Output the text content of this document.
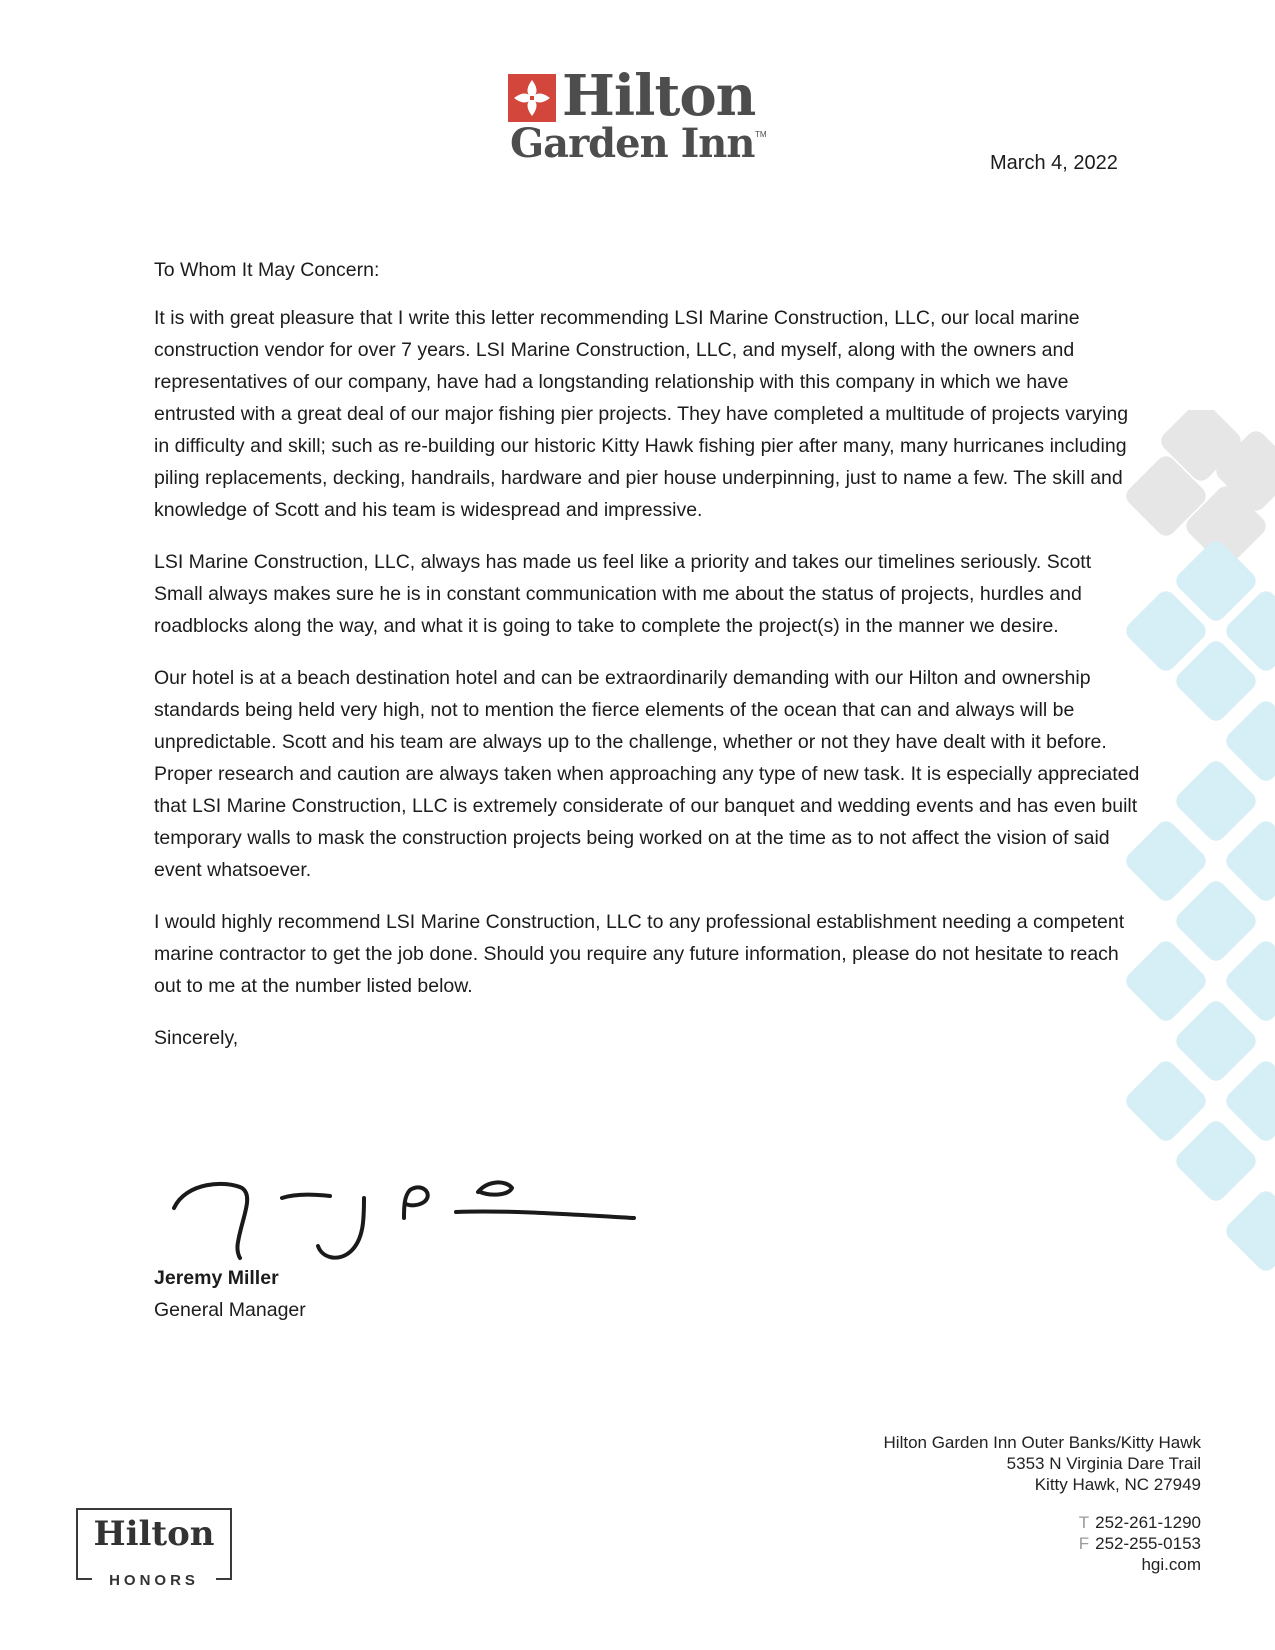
Hilton
Garden Inn TM
March 4, 2022

To Whom It May Concern:

It is with great pleasure that I write this letter recommending LSI Marine Construction, LLC, our local marine construction vendor for over 7 years. LSI Marine Construction, LLC, and myself, along with the owners and representatives of our company, have had a longstanding relationship with this company in which we have entrusted with a great deal of our major fishing pier projects. They have completed a multitude of projects varying in difficulty and skill; such as re-building our historic Kitty Hawk fishing pier after many, many hurricanes including piling replacements, decking, handrails, hardware and pier house underpinning, just to name a few. The skill and knowledge of Scott and his team is widespread and impressive.

LSI Marine Construction, LLC, always has made us feel like a priority and takes our timelines seriously. Scott Small always makes sure he is in constant communication with me about the status of projects, hurdles and roadblocks along the way, and what it is going to take to complete the project(s) in the manner we desire.

Our hotel is at a beach destination hotel and can be extraordinarily demanding with our Hilton and ownership standards being held very high, not to mention the fierce elements of the ocean that can and always will be unpredictable. Scott and his team are always up to the challenge, whether or not they have dealt with it before. Proper research and caution are always taken when approaching any type of new task. It is especially appreciated that LSI Marine Construction, LLC is extremely considerate of our banquet and wedding events and has even built temporary walls to mask the construction projects being worked on at the time as to not affect the vision of said event whatsoever.

I would highly recommend LSI Marine Construction, LLC to any professional establishment needing a competent marine contractor to get the job done. Should you require any future information, please do not hesitate to reach out to me at the number listed below.

Sincerely,

Jeremy Miller
General Manager
Hilton Garden Inn Outer Banks/Kitty Hawk
5353 N Virginia Dare Trail
Kitty Hawk, NC 27949
T 252-261-1290
F 252-255-0153
hgi.com
Hilton
HONORS
